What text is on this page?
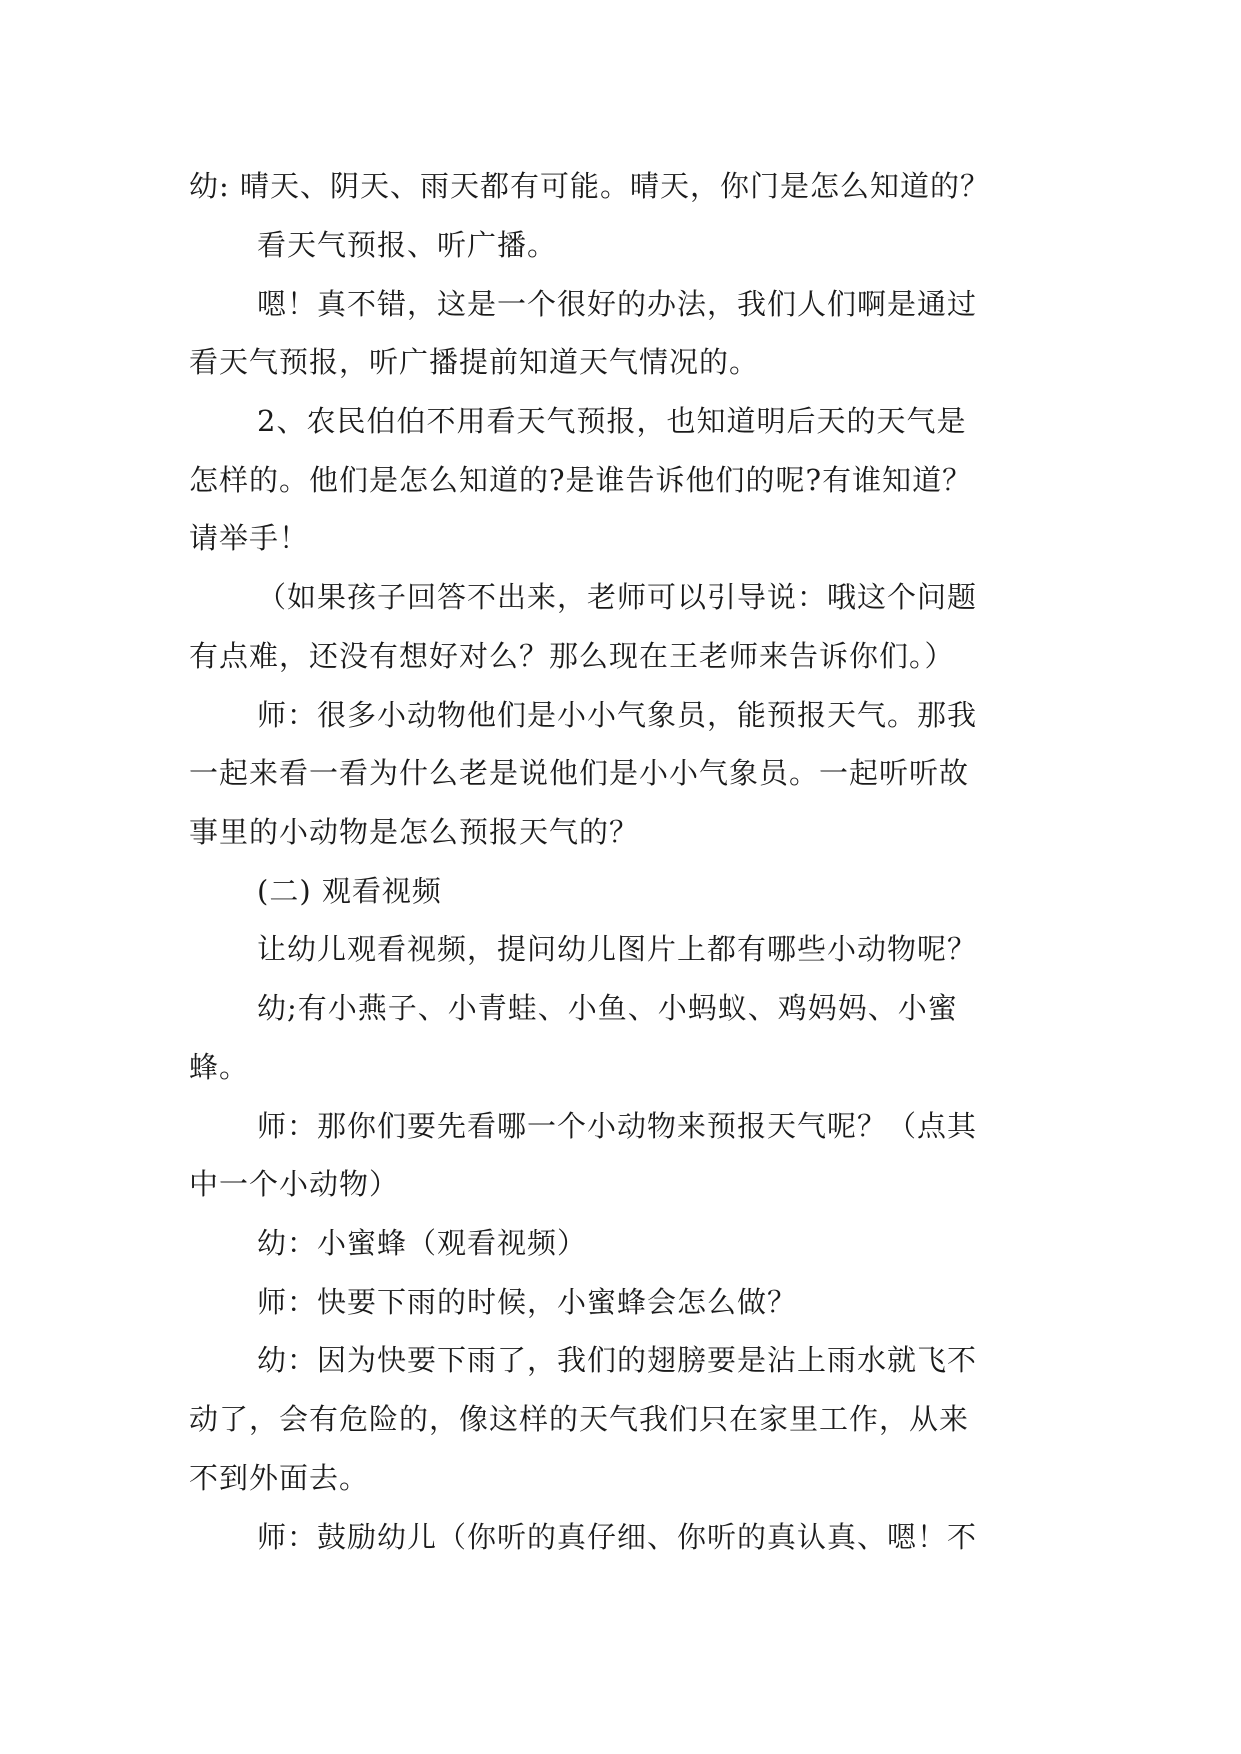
幼: 晴天、阴天、雨天都有可能。晴天，你门是怎么知道的？
看天气预报、听广播。
嗯！真不错，这是一个很好的办法，我们人们啊是通过
看天气预报，听广播提前知道天气情况的。
2、农民伯伯不用看天气预报，也知道明后天的天气是
怎样的。他们是怎么知道的?是谁告诉他们的呢?有谁知道？
请举手！
（如果孩子回答不出来，老师可以引导说：哦这个问题
有点难，还没有想好对么？那么现在王老师来告诉你们。）
师：很多小动物他们是小小气象员，能预报天气。那我
一起来看一看为什么老是说他们是小小气象员。一起听听故
事里的小动物是怎么预报天气的？
(二) 观看视频
让幼儿观看视频，提问幼儿图片上都有哪些小动物呢？
幼;有小燕子、小青蛙、小鱼、小蚂蚁、鸡妈妈、小蜜
蜂。
师：那你们要先看哪一个小动物来预报天气呢？（点其
中一个小动物）
幼：小蜜蜂（观看视频）
师：快要下雨的时候，小蜜蜂会怎么做？
幼：因为快要下雨了，我们的翅膀要是沾上雨水就飞不
动了，会有危险的，像这样的天气我们只在家里工作，从来
不到外面去。
师：鼓励幼儿（你听的真仔细、你听的真认真、嗯！不
